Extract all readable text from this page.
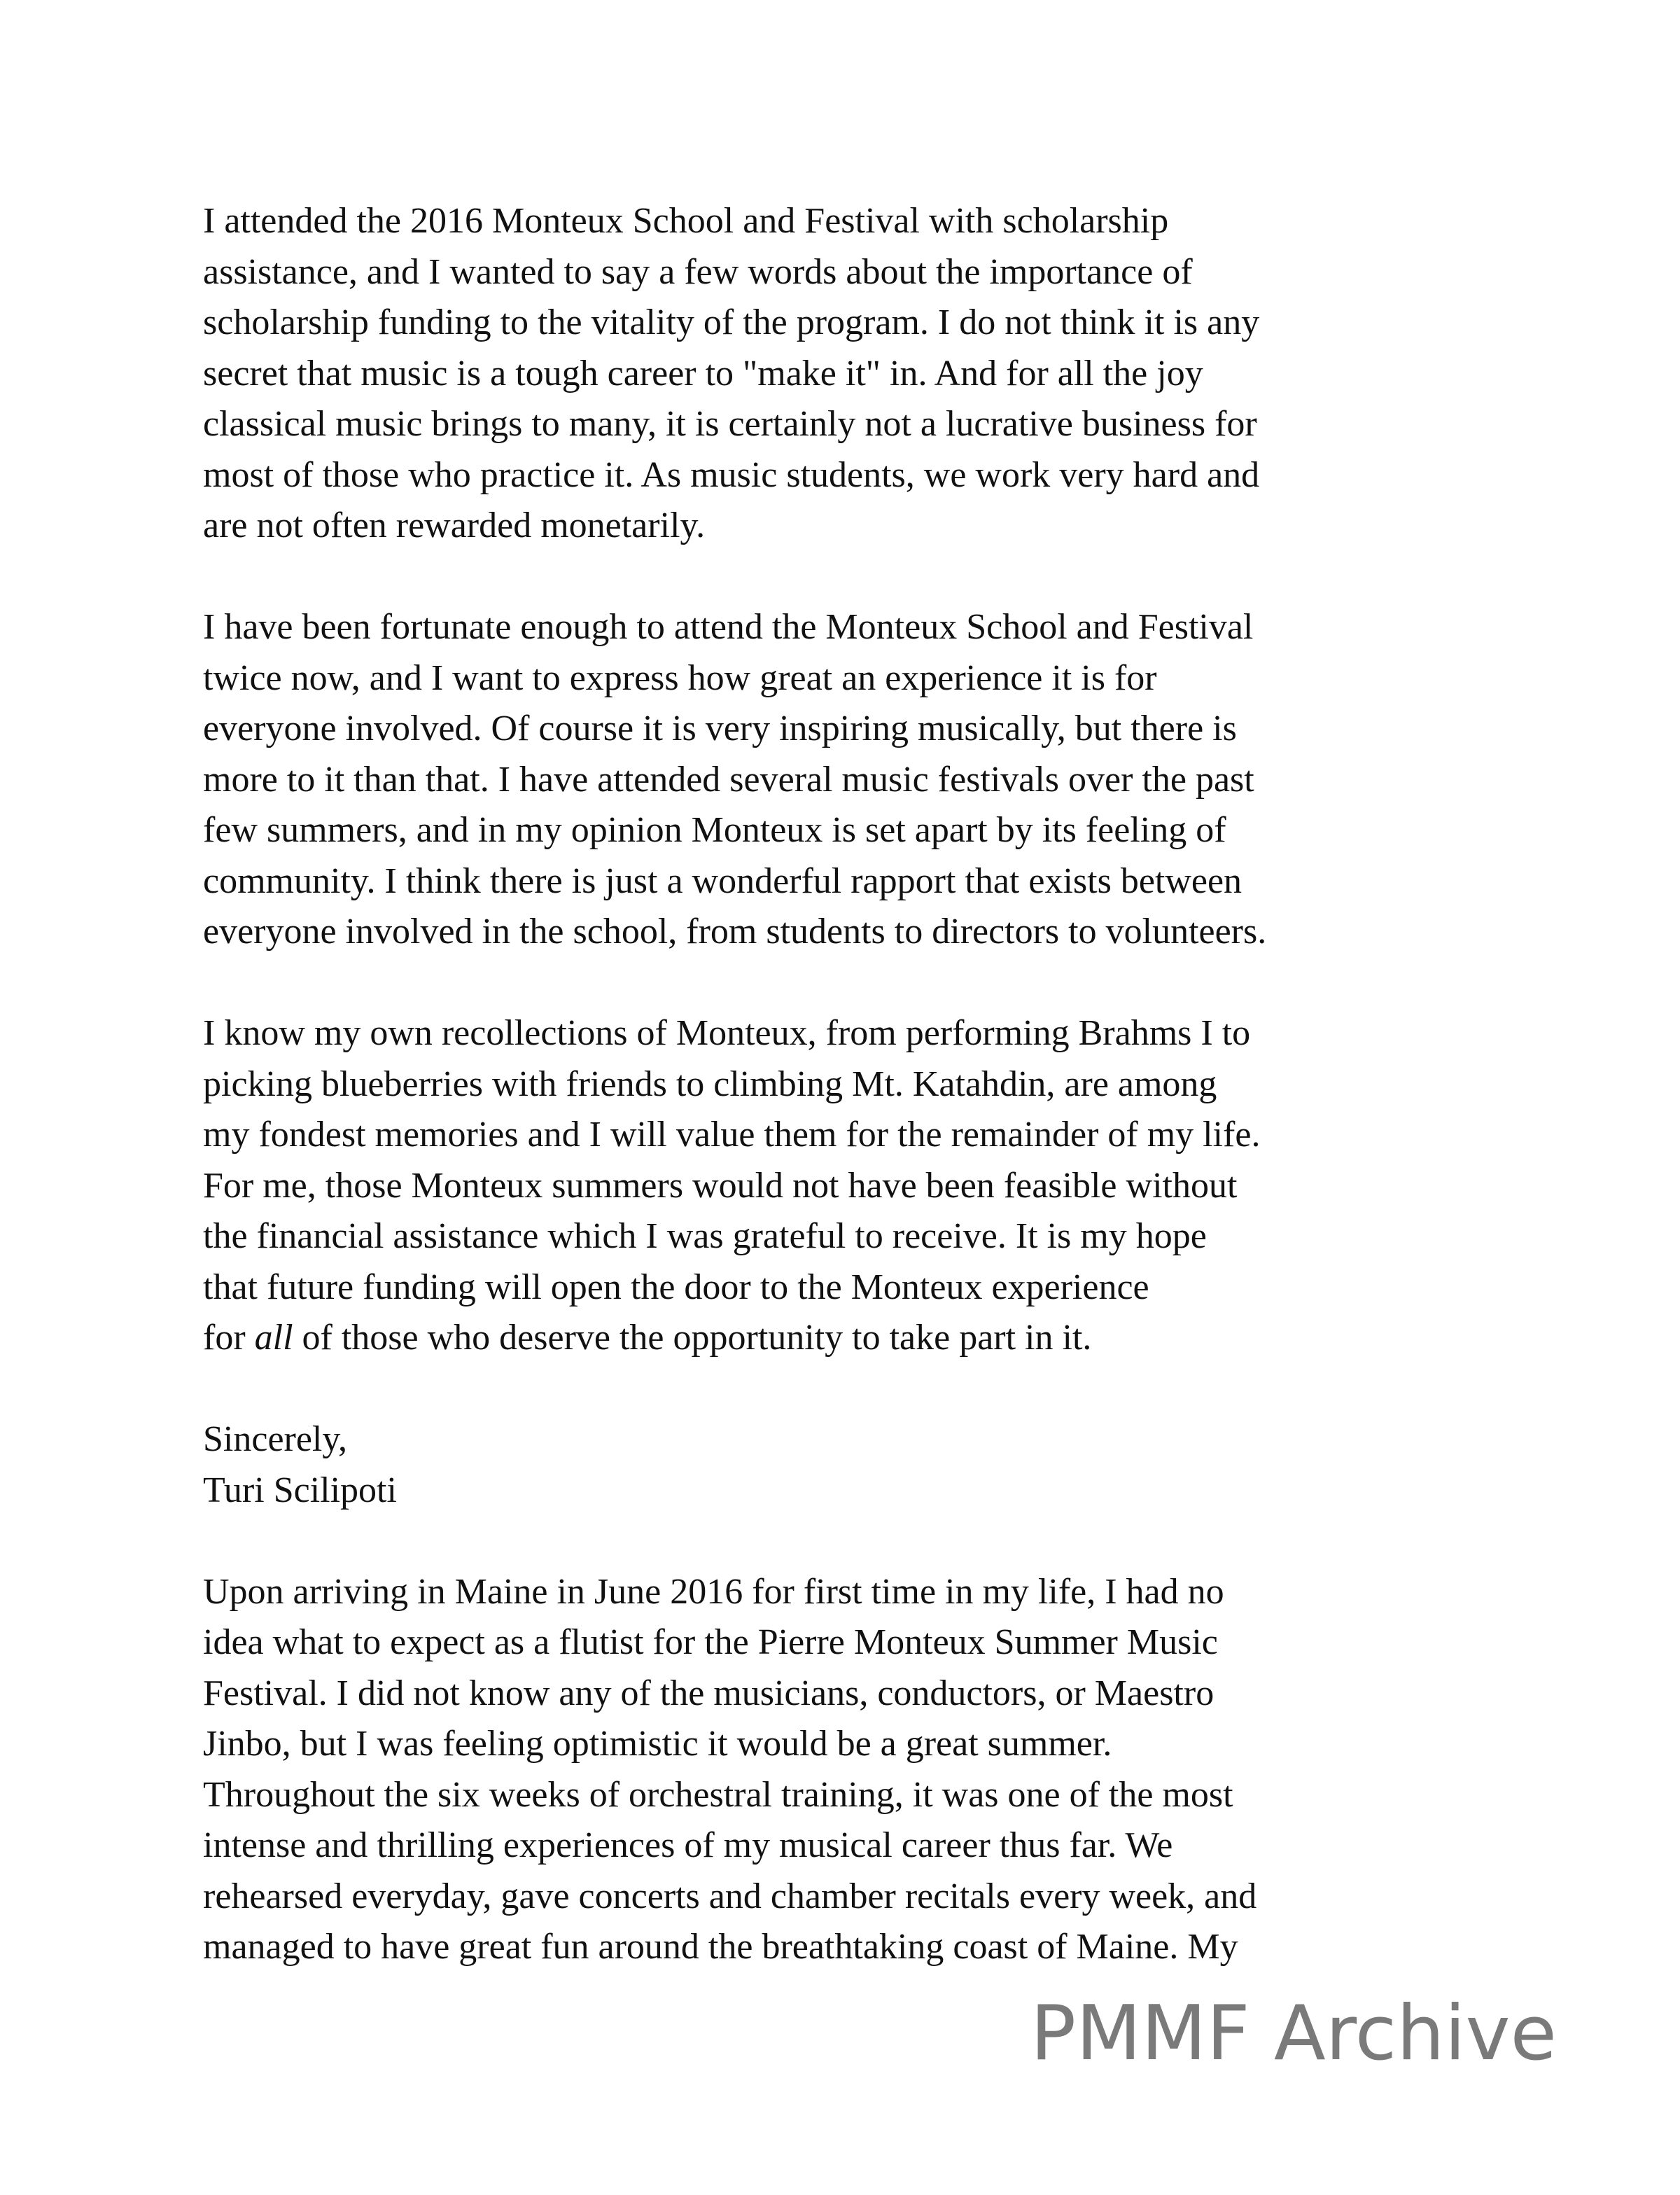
I attended the 2016 Monteux School and Festival with scholarship
assistance, and I wanted to say a few words about the importance of
scholarship funding to the vitality of the program. I do not think it is any
secret that music is a tough career to "make it" in. And for all the joy
classical music brings to many, it is certainly not a lucrative business for
most of those who practice it. As music students, we work very hard and
are not often rewarded monetarily.

I have been fortunate enough to attend the Monteux School and Festival
twice now, and I want to express how great an experience it is for
everyone involved. Of course it is very inspiring musically, but there is
more to it than that. I have attended several music festivals over the past
few summers, and in my opinion Monteux is set apart by its feeling of
community. I think there is just a wonderful rapport that exists between
everyone involved in the school, from students to directors to volunteers.

I know my own recollections of Monteux, from performing Brahms I to
picking blueberries with friends to climbing Mt. Katahdin, are among
my fondest memories and I will value them for the remainder of my life.
For me, those Monteux summers would not have been feasible without
the financial assistance which I was grateful to receive. It is my hope
that future funding will open the door to the Monteux experience
for all of those who deserve the opportunity to take part in it.

Sincerely,
Turi Scilipoti

Upon arriving in Maine in June 2016 for first time in my life, I had no
idea what to expect as a flutist for the Pierre Monteux Summer Music
Festival. I did not know any of the musicians, conductors, or Maestro
Jinbo, but I was feeling optimistic it would be a great summer.
Throughout the six weeks of orchestral training, it was one of the most
intense and thrilling experiences of my musical career thus far. We
rehearsed everyday, gave concerts and chamber recitals every week, and
managed to have great fun around the breathtaking coast of Maine. My

PMMF Archive
